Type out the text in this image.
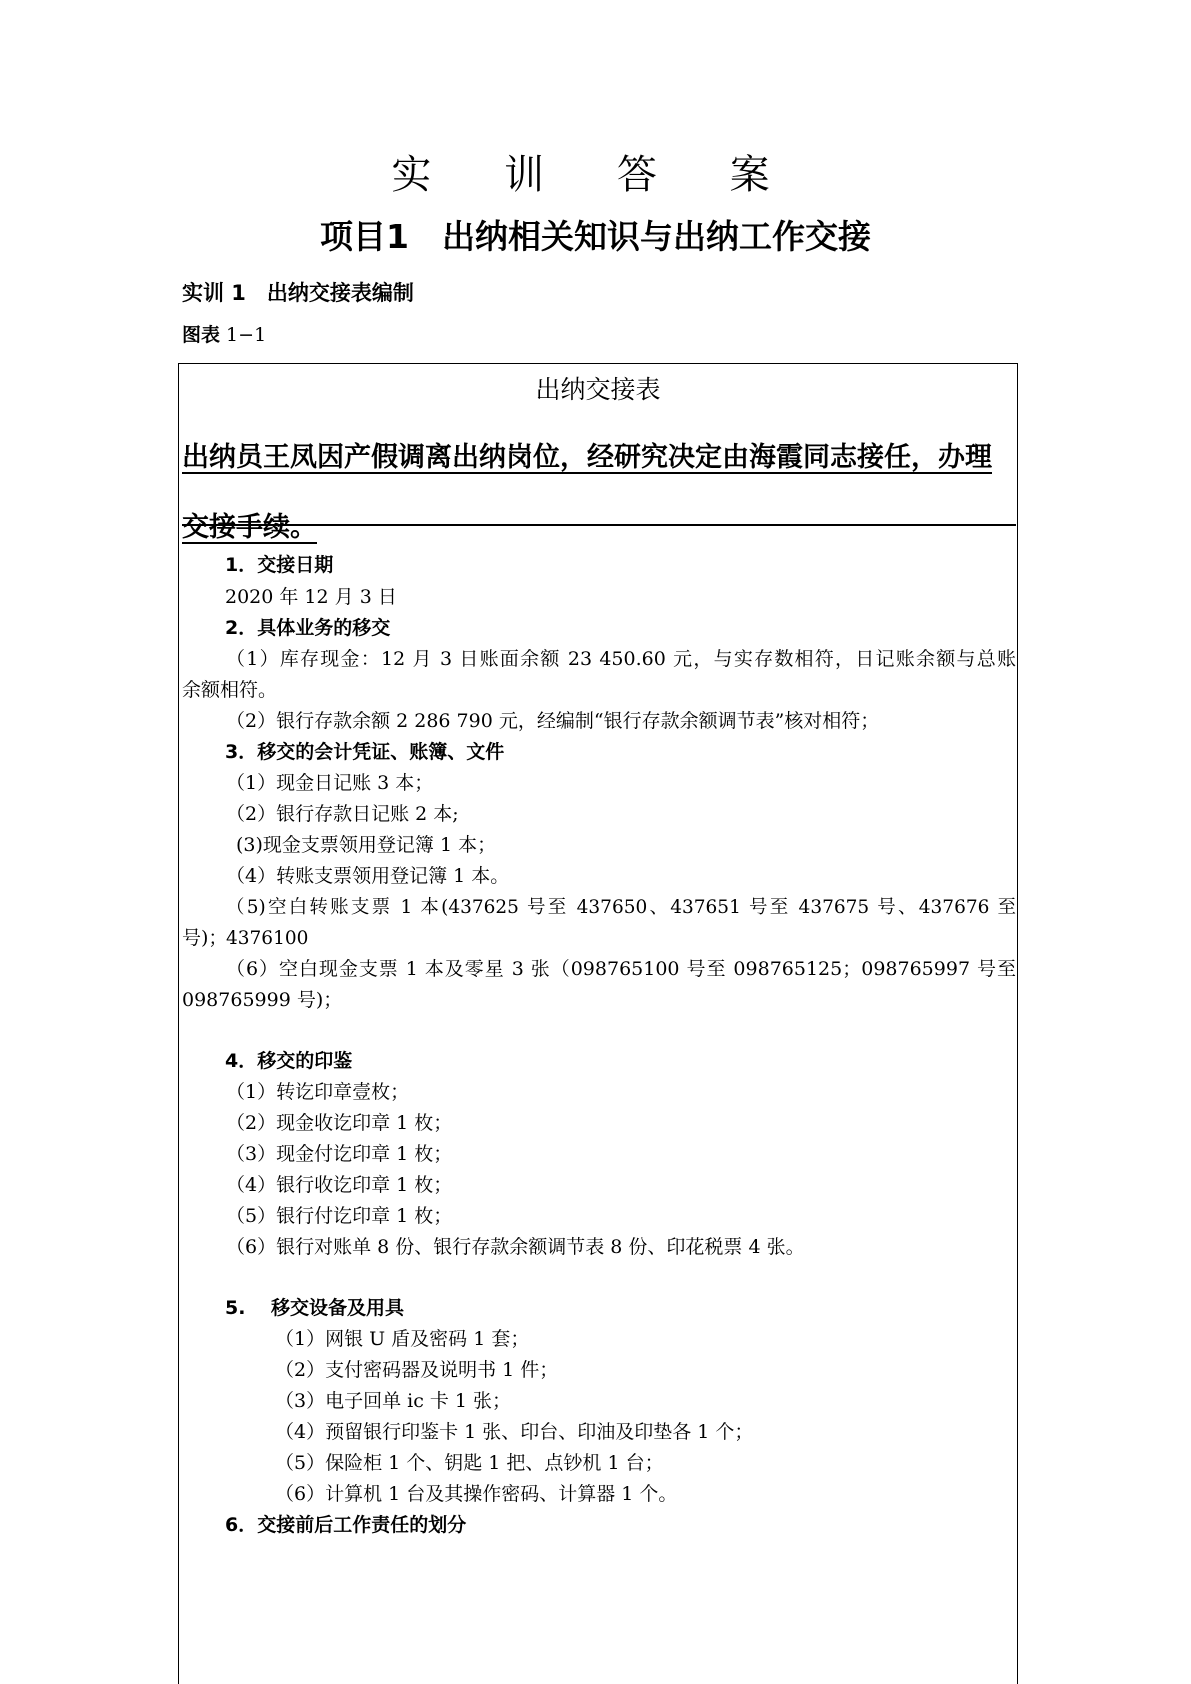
实 训 答 案
项目1　出纳相关知识与出纳工作交接
实训 1　出纳交接表编制
图表 1−1
出纳交接表
出纳员王凤因产假调离出纳岗位，经研究决定由海霞同志接任，办理
交接手续。
1．交接日期
2020 年 12 月 3 日
2．具体业务的移交
（1）库存现金：12 月 3 日账面余额 23 450.60 元，与实存数相符，日记账余额与总账
余额相符。
（2）银行存款余额 2 286 790 元，经编制“银行存款余额调节表”核对相符；
3．移交的会计凭证、账簿、文件
（1）现金日记账 3 本；
（2）银行存款日记账 2 本;
(3)现金支票领用登记簿 1 本；
（4）转账支票领用登记簿 1 本。
（5)空白转账支票 1 本(437625 号至 437650、437651 号至 437675 号、437676 至 4376100
号)；
（6）空白现金支票 1 本及零星 3 张（098765100 号至 098765125；098765997 号至
098765999 号)；
4．移交的印鉴
（1）转讫印章壹枚；
（2）现金收讫印章 1 枚；
（3）现金付讫印章 1 枚；
（4）银行收讫印章 1 枚；
（5）银行付讫印章 1 枚；
（6）银行对账单 8 份、银行存款余额调节表 8 份、印花税票 4 张。
5.　 移交设备及用具
（1）网银 U 盾及密码 1 套；
（2）支付密码器及说明书 1 件；
（3）电子回单 ic 卡 1 张；
（4）预留银行印鉴卡 1 张、印台、印油及印垫各 1 个；
（5）保险柜 1 个、钥匙 1 把、点钞机 1 台；
（6）计算机 1 台及其操作密码、计算器 1 个。
6．交接前后工作责任的划分
